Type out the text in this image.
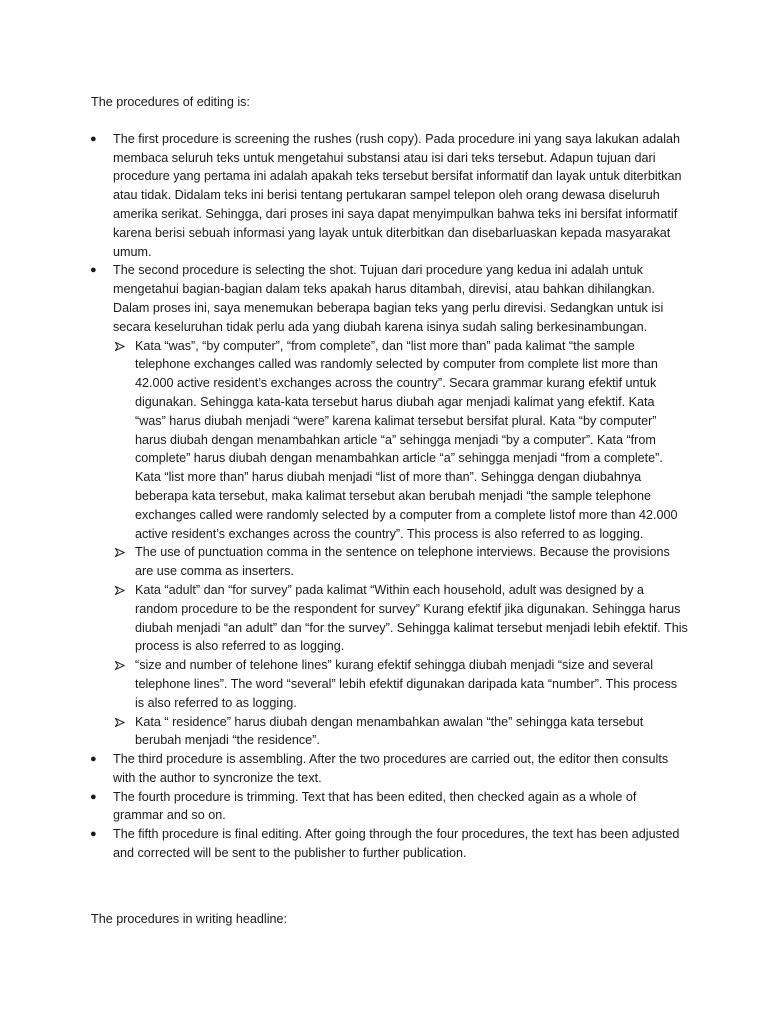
The procedures of editing is:

● The first procedure is screening the rushes (rush copy). Pada procedure ini yang saya lakukan adalah membaca seluruh teks untuk mengetahui substansi atau isi dari teks tersebut. Adapun tujuan dari procedure yang pertama ini adalah apakah teks tersebut bersifat informatif dan layak untuk diterbitkan atau tidak. Didalam teks ini berisi tentang pertukaran sampel telepon oleh orang dewasa diseluruh amerika serikat. Sehingga, dari proses ini saya dapat menyimpulkan bahwa teks ini bersifat informatif karena berisi sebuah informasi yang layak untuk diterbitkan dan disebarluaskan kepada masyarakat umum.
● The second procedure is selecting the shot. Tujuan dari procedure yang kedua ini adalah untuk mengetahui bagian-bagian dalam teks apakah harus ditambah, direvisi, atau bahkan dihilangkan. Dalam proses ini, saya menemukan beberapa bagian teks yang perlu direvisi. Sedangkan untuk isi secara keseluruhan tidak perlu ada yang diubah karena isinya sudah saling berkesinambungan.
Kata “was”, “by computer”, “from complete”, dan “list more than” pada kalimat “the sample telephone exchanges called was randomly selected by computer from complete list more than 42.000 active resident’s exchanges across the country”. Secara grammar kurang efektif untuk digunakan. Sehingga kata-kata tersebut harus diubah agar menjadi kalimat yang efektif. Kata “was” harus diubah menjadi “were” karena kalimat tersebut bersifat plural. Kata “by computer” harus diubah dengan menambahkan article “a” sehingga menjadi “by a computer”. Kata “from complete” harus diubah dengan menambahkan article “a” sehingga menjadi “from a complete”. Kata “list more than” harus diubah menjadi “list of more than”. Sehingga dengan diubahnya beberapa kata tersebut, maka kalimat tersebut akan berubah menjadi “the sample telephone exchanges called were randomly selected by a computer from a complete listof more than 42.000 active resident’s exchanges across the country”. This process is also referred to as logging.
The use of punctuation comma in the sentence on telephone interviews. Because the provisions are use comma as inserters.
Kata “adult” dan “for survey” pada kalimat “Within each household, adult was designed by a random procedure to be the respondent for survey” Kurang efektif jika digunakan. Sehingga harus diubah menjadi “an adult” dan “for the survey”. Sehingga kalimat tersebut menjadi lebih efektif. This process is also referred to as logging.
“size and number of telehone lines” kurang efektif sehingga diubah menjadi “size and several telephone lines”. The word “several” lebih efektif digunakan daripada kata “number”. This process is also referred to as logging.
Kata “ residence” harus diubah dengan menambahkan awalan “the” sehingga kata tersebut berubah menjadi “the residence”.
● The third procedure is assembling. After the two procedures are carried out, the editor then consults with the author to syncronize the text.
● The fourth procedure is trimming. Text that has been edited, then checked again as a whole of grammar and so on.
● The fifth procedure is final editing. After going through the four procedures, the text has been adjusted and corrected will be sent to the publisher to further publication.

The procedures in writing headline:
